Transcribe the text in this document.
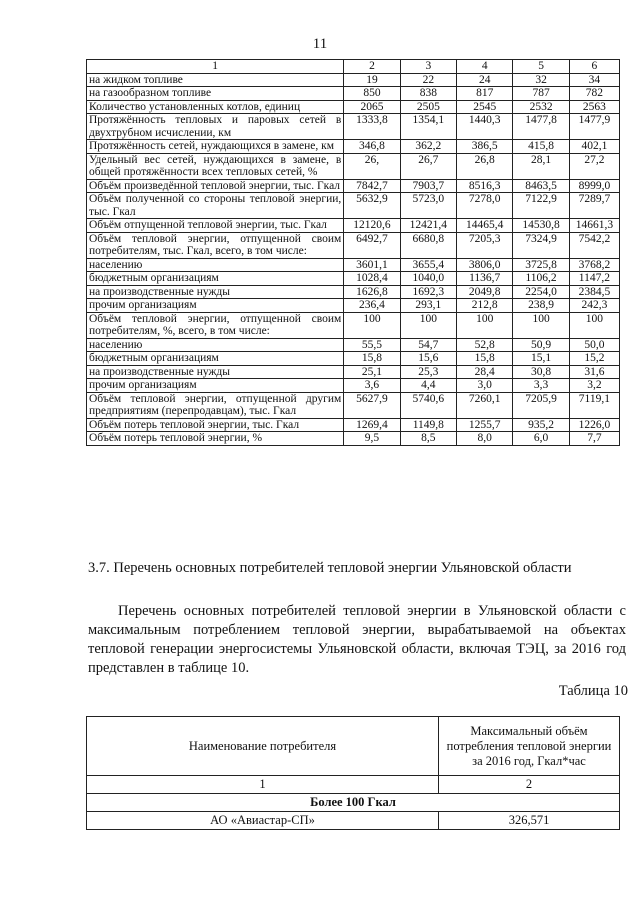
11
1	2	3	4	5	6
на жидком топливе	19	22	24	32	34
на газообразном топливе	850	838	817	787	782
Количество установленных котлов, единиц	2065	2505	2545	2532	2563
Протяжённость тепловых и паровых сетей в двухтрубном исчислении, км	1333,8	1354,1	1440,3	1477,8	1477,9
Протяжённость сетей, нуждающихся в замене, км	346,8	362,2	386,5	415,8	402,1
Удельный вес сетей, нуждающихся в замене, в общей протяжённости всех тепловых сетей, %	26,	26,7	26,8	28,1	27,2
Объём произведённой тепловой энергии, тыс. Гкал	7842,7	7903,7	8516,3	8463,5	8999,0
Объём полученной со стороны тепловой энергии, тыс. Гкал	5632,9	5723,0	7278,0	7122,9	7289,7
Объём отпущенной тепловой энергии, тыс. Гкал	12120,6	12421,4	14465,4	14530,8	14661,3
Объём тепловой энергии, отпущенной своим потребителям, тыс. Гкал, всего, в том числе:	6492,7	6680,8	7205,3	7324,9	7542,2
населению	3601,1	3655,4	3806,0	3725,8	3768,2
бюджетным организациям	1028,4	1040,0	1136,7	1106,2	1147,2
на производственные нужды	1626,8	1692,3	2049,8	2254,0	2384,5
прочим организациям	236,4	293,1	212,8	238,9	242,3
Объём тепловой энергии, отпущенной своим потребителям, %, всего, в том числе:	100	100	100	100	100
населению	55,5	54,7	52,8	50,9	50,0
бюджетным организациям	15,8	15,6	15,8	15,1	15,2
на производственные нужды	25,1	25,3	28,4	30,8	31,6
прочим организациям	3,6	4,4	3,0	3,3	3,2
Объём тепловой энергии, отпущенной другим предприятиям (перепродавцам), тыс. Гкал	5627,9	5740,6	7260,1	7205,9	7119,1
Объём потерь тепловой энергии, тыс. Гкал	1269,4	1149,8	1255,7	935,2	1226,0
Объём потерь тепловой энергии, %	9,5	8,5	8,0	6,0	7,7
3.7. Перечень основных потребителей тепловой энергии Ульяновской области

Перечень основных потребителей тепловой энергии в Ульяновской области с максимальным потреблением тепловой энергии, вырабатываемой на объектах тепловой генерации энергосистемы Ульяновской области, включая ТЭЦ, за 2016 год представлен в таблице 10.

Таблица 10
Наименование потребителя	Максимальный объём потребления тепловой энергии за 2016 год, Гкал*час
1	2
Более 100 Гкал	
АО «Авиастар-СП»	326,571
